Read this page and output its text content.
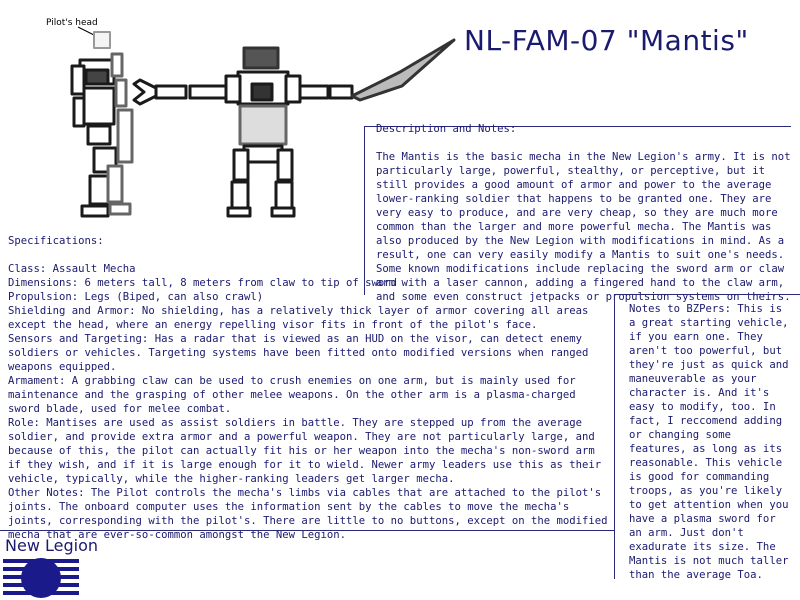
NL-FAM-07 "Mantis"
Pilot's head
Description and Notes:
The Mantis is the basic mecha in the New Legion's army. It is not particularly large, powerful, stealthy, or perceptive, but it still provides a good amount of armor and power to the average lower-ranking soldier that happens to be granted one. They are very easy to produce, and are very cheap, so they are much more common than the larger and more powerful mecha. The Mantis was also produced by the New Legion with modifications in mind. As a result, one can very easily modify a Mantis to suit one's needs. Some known modifications include replacing the sword arm or claw arm with a laser cannon, adding a fingered hand to the claw arm, and some even construct jetpacks or propulsion systems on theirs.
Specifications:
Class: Assault Mecha
Dimensions: 6 meters tall, 8 meters from claw to tip of sword
Propulsion: Legs (Biped, can also crawl)
Shielding and Armor: No shielding, has a relatively thick layer of armor covering all areas except the head, where an energy repelling visor fits in front of the pilot's face.
Sensors and Targeting: Has a radar that is viewed as an HUD on the visor, can detect enemy soldiers or vehicles. Targeting systems have been fitted onto modified versions when ranged weapons equipped.
Armament: A grabbing claw can be used to crush enemies on one arm, but is mainly used for maintenance and the grasping of other melee weapons. On the other arm is a plasma-charged sword blade, used for melee combat.
Role: Mantises are used as assist soldiers in battle. They are stepped up from the average soldier, and provide extra armor and a powerful weapon. They are not particularly large, and because of this, the pilot can actually fit his or her weapon into the mecha's non-sword arm if they wish, and if it is large enough for it to wield. Newer army leaders use this as their vehicle, typically, while the higher-ranking leaders get larger mecha.
Other Notes: The Pilot controls the mecha's limbs via cables that are attached to the pilot's joints. The onboard computer uses the information sent by the cables to move the mecha's joints, corresponding with the pilot's. There are little to no buttons, except on the modified mecha that are ever-so-common amongst the New Legion.
Notes to BZPers: This is a great starting vehicle, if you earn one. They aren't too powerful, but they're just as quick and maneuverable as your character is. And it's easy to modify, too. In fact, I reccomend adding or changing some features, as long as its reasonable. This vehicle is good for commanding troops, as you're likely to get attention when you have a plasma sword for an arm. Just don't exadurate its size. The Mantis is not much taller than the average Toa.
New Legion
